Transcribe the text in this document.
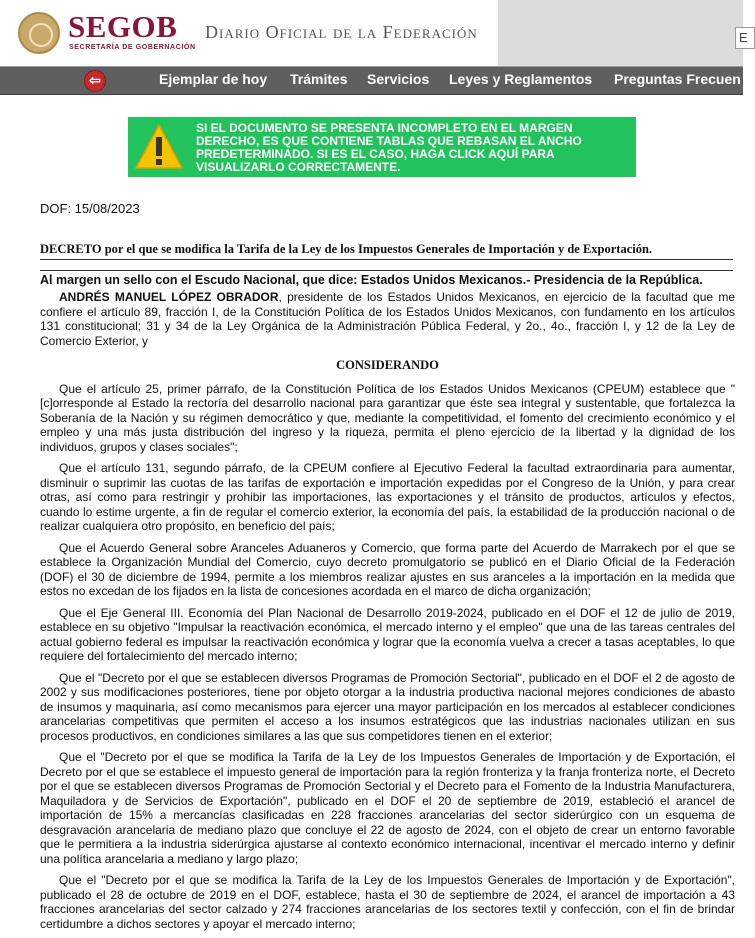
SEGOB
SECRETARÍA DE GOBERNACIÓN
Diario Oficial de la Federación	E
⇦	Ejemplar de hoy Trámites Servicios Leyes y Reglamentos Preguntas Frecuen
SI EL DOCUMENTO SE PRESENTA INCOMPLETO EN EL MARGEN DERECHO, ES QUE CONTIENE TABLAS QUE REBASAN EL ANCHO PREDETERMINADO. SI ES EL CASO, HAGA CLICK AQUÍ PARA VISUALIZARLO CORRECTAMENTE.
DOF: 15/08/2023
DECRETO por el que se modifica la Tarifa de la Ley de los Impuestos Generales de Importación y de Exportación.
Al margen un sello con el Escudo Nacional, que dice: Estados Unidos Mexicanos.- Presidencia de la República.

ANDRÉS MANUEL LÓPEZ OBRADOR, presidente de los Estados Unidos Mexicanos, en ejercicio de la facultad que me confiere el artículo 89, fracción I, de la Constitución Política de los Estados Unidos Mexicanos, con fundamento en los artículos 131 constitucional; 31 y 34 de la Ley Orgánica de la Administración Pública Federal, y 2o., 4o., fracción I, y 12 de la Ley de Comercio Exterior, y

CONSIDERANDO

Que el artículo 25, primer párrafo, de la Constitución Política de los Estados Unidos Mexicanos (CPEUM) establece que "[c]orresponde al Estado la rectoría del desarrollo nacional para garantizar que éste sea integral y sustentable, que fortalezca la Soberanía de la Nación y su régimen democrático y que, mediante la competitividad, el fomento del crecimiento económico y el empleo y una más justa distribución del ingreso y la riqueza, permita el pleno ejercicio de la libertad y la dignidad de los individuos, grupos y clases sociales";

Que el artículo 131, segundo párrafo, de la CPEUM confiere al Ejecutivo Federal la facultad extraordinaria para aumentar, disminuir o suprimir las cuotas de las tarifas de exportación e importación expedidas por el Congreso de la Unión, y para crear otras, así como para restringir y prohibir las importaciones, las exportaciones y el tránsito de productos, artículos y efectos, cuando lo estime urgente, a fin de regular el comercio exterior, la economía del país, la estabilidad de la producción nacional o de realizar cualquiera otro propósito, en beneficio del país;

Que el Acuerdo General sobre Aranceles Aduaneros y Comercio, que forma parte del Acuerdo de Marrakech por el que se establece la Organización Mundial del Comercio, cuyo decreto promulgatorio se publicó en el Diario Oficial de la Federación (DOF) el 30 de diciembre de 1994, permite a los miembros realizar ajustes en sus aranceles a la importación en la medida que estos no excedan de los fijados en la lista de concesiones acordada en el marco de dicha organización;

Que el Eje General III. Economía del Plan Nacional de Desarrollo 2019-2024, publicado en el DOF el 12 de julio de 2019, establece en su objetivo "Impulsar la reactivación económica, el mercado interno y el empleo" que una de las tareas centrales del actual gobierno federal es impulsar la reactivación económica y lograr que la economía vuelva a crecer a tasas aceptables, lo que requiere del fortalecimiento del mercado interno;

Que el "Decreto por el que se establecen diversos Programas de Promoción Sectorial", publicado en el DOF el 2 de agosto de 2002 y sus modificaciones posteriores, tiene por objeto otorgar a la industria productiva nacional mejores condiciones de abasto de insumos y maquinaria, así como mecanismos para ejercer una mayor participación en los mercados al establecer condiciones arancelarias competitivas que permiten el acceso a los insumos estratégicos que las industrias nacionales utilizan en sus procesos productivos, en condiciones similares a las que sus competidores tienen en el exterior;

Que el "Decreto por el que se modifica la Tarifa de la Ley de los Impuestos Generales de Importación y de Exportación, el Decreto por el que se establece el impuesto general de importación para la región fronteriza y la franja fronteriza norte, el Decreto por el que se establecen diversos Programas de Promoción Sectorial y el Decreto para el Fomento de la Industria Manufacturera, Maquiladora y de Servicios de Exportación", publicado en el DOF el 20 de septiembre de 2019, estableció el arancel de importación de 15% a mercancías clasificadas en 228 fracciones arancelarias del sector siderúrgico con un esquema de desgravación arancelaria de mediano plazo que concluye el 22 de agosto de 2024, con el objeto de crear un entorno favorable que le permitiera a la industria siderúrgica ajustarse al contexto económico internacional, incentivar el mercado interno y definir una política arancelaria a mediano y largo plazo;

Que el "Decreto por el que se modifica la Tarifa de la Ley de los Impuestos Generales de Importación y de Exportación", publicado el 28 de octubre de 2019 en el DOF, establece, hasta el 30 de septiembre de 2024, el arancel de importación a 43 fracciones arancelarias del sector calzado y 274 fracciones arancelarias de los sectores textil y confección, con el fin de brindar certidumbre a dichos sectores y apoyar el mercado interno;
